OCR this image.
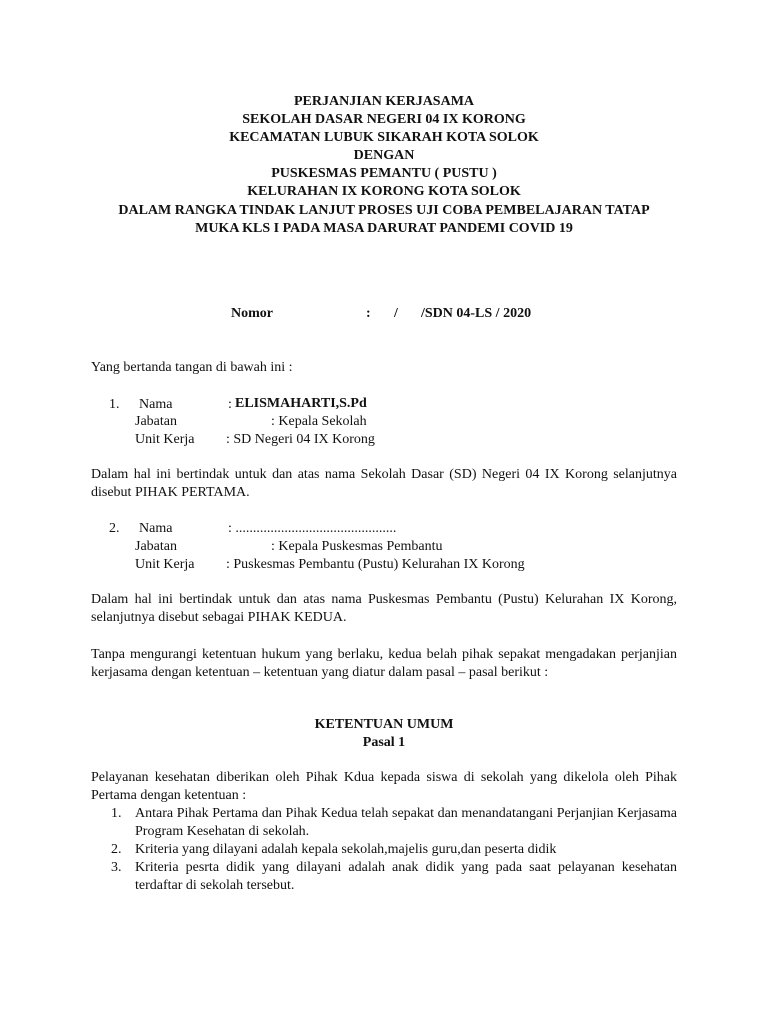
PERJANJIAN KERJASAMA
SEKOLAH DASAR NEGERI 04 IX KORONG
KECAMATAN LUBUK SIKARAH KOTA SOLOK
DENGAN
PUSKESMAS PEMANTU ( PUSTU )
KELURAHAN IX KORONG KOTA SOLOK
DALAM RANGKA TINDAK LANJUT PROSES UJI COBA PEMBELAJARAN TATAP
MUKA KLS I PADA MASA DARURAT PANDEMI COVID 19
Nomor	: / /SDN 04-LS / 2020
Yang bertanda tangan di bawah ini :
1. Nama	: ELISMAHARTI,S.Pd
Jabatan	: Kepala Sekolah
Unit Kerja : SD Negeri 04 IX Korong
Dalam hal ini bertindak untuk dan atas nama Sekolah Dasar (SD) Negeri 04 IX Korong selanjutnya disebut PIHAK PERTAMA.
2. Nama	: ..............................................
Jabatan	: Kepala Puskesmas Pembantu
Unit Kerja : Puskesmas Pembantu (Pustu) Kelurahan IX Korong
Dalam hal ini bertindak untuk dan atas nama Puskesmas Pembantu (Pustu) Kelurahan IX Korong, selanjutnya disebut sebagai PIHAK KEDUA.
Tanpa mengurangi ketentuan hukum yang berlaku, kedua belah pihak sepakat mengadakan perjanjian kerjasama dengan ketentuan – ketentuan yang diatur dalam pasal – pasal berikut :
KETENTUAN UMUM
Pasal 1
Pelayanan kesehatan diberikan oleh Pihak Kdua kepada siswa di sekolah yang dikelola oleh Pihak Pertama dengan ketentuan :
1. Antara Pihak Pertama dan Pihak Kedua telah sepakat dan menandatangani Perjanjian Kerjasama Program Kesehatan di sekolah.
2. Kriteria yang dilayani adalah kepala sekolah,majelis guru,dan peserta didik
3. Kriteria pesrta didik yang dilayani adalah anak didik yang pada saat pelayanan kesehatan terdaftar di sekolah tersebut.
